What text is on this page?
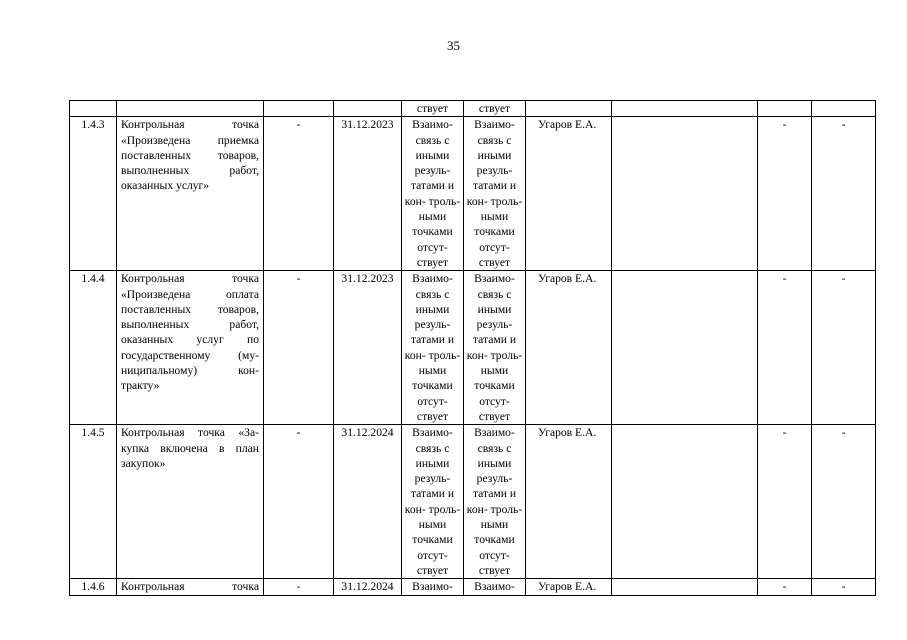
35
				ствует	ствует				
1.4.3	Контрольная точка «Произведена приемка поставленных товаров, выполненных работ, оказанных услуг»	-	31.12.2023	Взаимо- связь с иными резуль- татами и кон- троль- ными точками отсут- ствует	Взаимо- связь с иными резуль- татами и кон- троль- ными точками отсут- ствует	Угаров Е.А.		-	-
1.4.4	Контрольная точка «Произведена оплата поставленных товаров, выполненных работ, оказанных услуг по государственному (му- ниципальному) кон- тракту»	-	31.12.2023	Взаимо- связь с иными резуль- татами и кон- троль- ными точками отсут- ствует	Взаимо- связь с иными резуль- татами и кон- троль- ными точками отсут- ствует	Угаров Е.А.		-	-
1.4.5	Контрольная точка «За- купка включена в план закупок»	-	31.12.2024	Взаимо- связь с иными резуль- татами и кон- троль- ными точками отсут- ствует	Взаимо- связь с иными резуль- татами и кон- троль- ными точками отсут- ствует	Угаров Е.А.		-	-
1.4.6	Контрольная точка	-	31.12.2024	Взаимо-	Взаимо-	Угаров Е.А.		-	-
